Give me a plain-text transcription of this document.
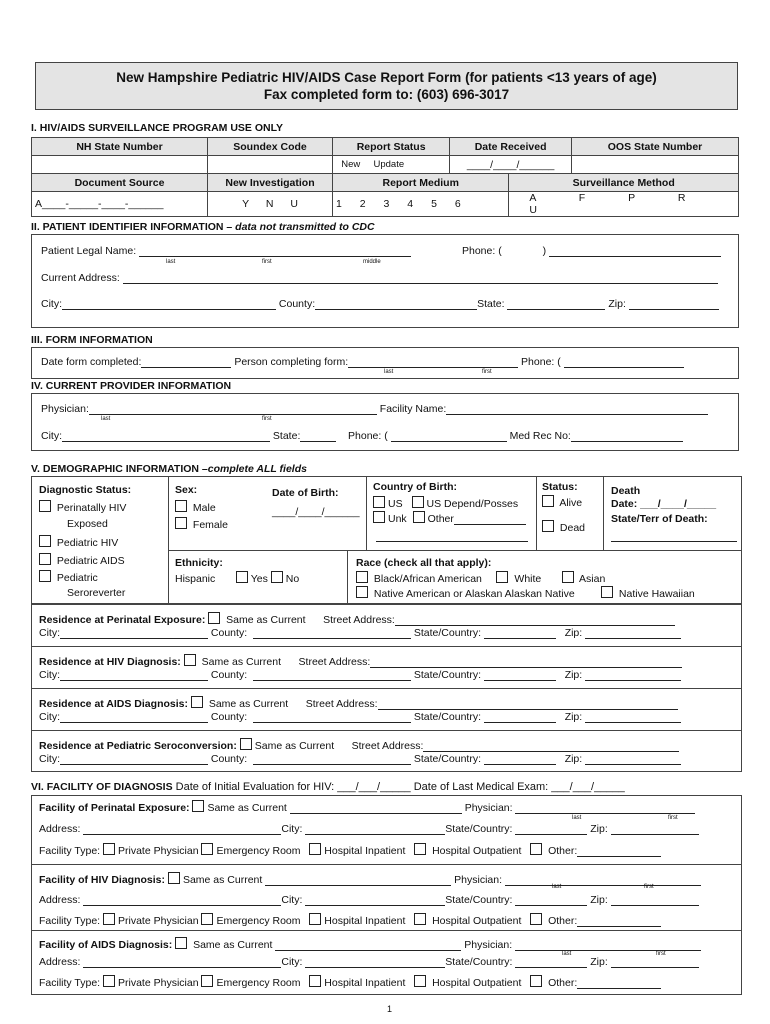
New Hampshire Pediatric HIV/AIDS Case Report Form (for patients <13 years of age)
Fax completed form to: (603) 696-3017
I. HIV/AIDS SURVEILLANCE PROGRAM USE ONLY
NH State Number	Soundex Code	Report Status	Date Received		OOS State Number
		New Update	____/____/______		
Document Source	New Investigation	Report Medium		Surveillance Method	
A____-_____-____-______	Y N U	1 2 3 4 5 6		A F P R U	
II. PATIENT IDENTIFIER INFORMATION – data not transmitted to CDC
Patient Legal Name:	Phone: (	)
last	first	middle
Current Address:
City:	County:	State:	Zip:
III. FORM INFORMATION
Date form completed:	Person completing form:	Phone: (
last	first
IV. CURRENT PROVIDER INFORMATION
Physician:	Facility Name:
last	first
City:	State:	Phone: (	Med Rec No:
V. DEMOGRAPHIC INFORMATION –complete ALL fields
Diagnostic Status:
Perinatally HIV
Exposed
Pediatric HIV
Pediatric AIDS
Pediatric
Seroreverter
Sex:
Male
Female
Date of Birth:
____/____/______
Country of Birth:
US US Depend/Posses
Unk Other
Status:
Alive
Dead
Death
Date: ___/____/_____
State/Terr of Death:
Ethnicity:
Hispanic	Yes No
Race (check all that apply):
Black/African American	White	Asian
Native American or Alaskan Alaskan Native	Native Hawaiian
Residence at Perinatal Exposure: Same as Current Street Address:
City:	County:	State/Country:	Zip:
Residence at HIV Diagnosis: Same as Current Street Address:
City:	County:	State/Country:	Zip:
Residence at AIDS Diagnosis: Same as Current Street Address:
City:	County:	State/Country:	Zip:
Residence at Pediatric Seroconversion: Same as Current Street Address:
City:	County:	State/Country:	Zip:
VI. FACILITY OF DIAGNOSIS Date of Initial Evaluation for HIV: ___/___/_____ Date of Last Medical Exam: ___/___/_____
Facility of Perinatal Exposure: Same as Current	Physician:
last	first
Address:	City:	State/Country:	Zip:
Facility Type: Private Physician Emergency Room Hospital Inpatient	Hospital Outpatient	Other:
Facility of HIV Diagnosis: Same as Current	Physician:
last	first
Address:	City:	State/Country:	Zip:
Facility Type: Private Physician Emergency Room Hospital Inpatient	Hospital Outpatient	Other:
Facility of AIDS Diagnosis: Same as Current	Physician:
last	first
Address:	City:	State/Country:	Zip:
Facility Type: Private Physician Emergency Room Hospital Inpatient	Hospital Outpatient	Other:
1
